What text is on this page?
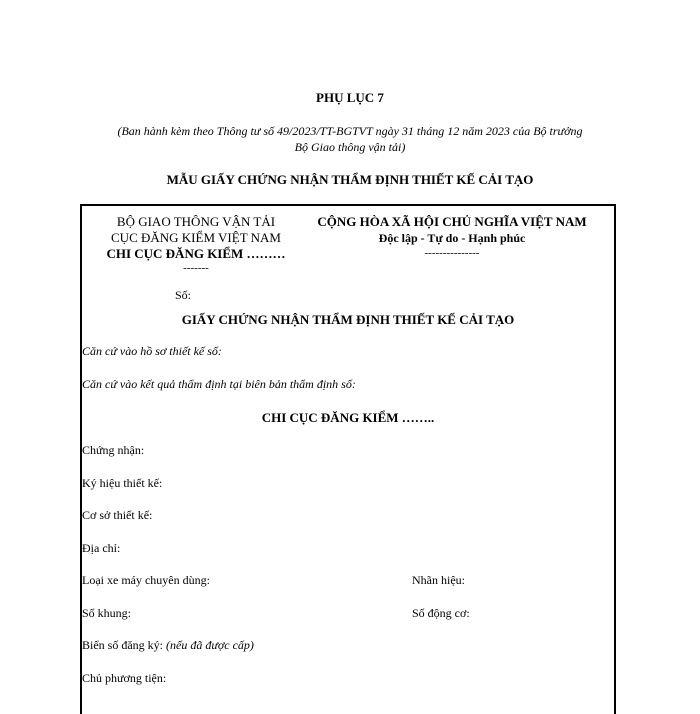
PHỤ LỤC 7
(Ban hành kèm theo Thông tư số 49/2023/TT-BGTVT ngày 31 tháng 12 năm 2023 của Bộ trưởng
Bộ Giao thông vận tải)
MẪU GIẤY CHỨNG NHẬN THẨM ĐỊNH THIẾT KẾ CẢI TẠO
BỘ GIAO THÔNG VẬN TẢI
CỤC ĐĂNG KIỂM VIỆT NAM
CHI CỤC ĐĂNG KIỂM ………
-------
CỘNG HÒA XÃ HỘI CHỦ NGHĨA VIỆT NAM
Độc lập - Tự do - Hạnh phúc
---------------
Số:
GIẤY CHỨNG NHẬN THẨM ĐỊNH THIẾT KẾ CẢI TẠO
Căn cứ vào hồ sơ thiết kế số:
Căn cứ vào kết quả thẩm định tại biên bản thẩm định số:
CHI CỤC ĐĂNG KIỂM ……..
Chứng nhận:
Ký hiệu thiết kế:
Cơ sở thiết kế:
Địa chỉ:
Loại xe máy chuyên dùng:	Nhãn hiệu:
Số khung:	Số động cơ:
Biển số đăng ký: (nếu đã được cấp)
Chủ phương tiện:
